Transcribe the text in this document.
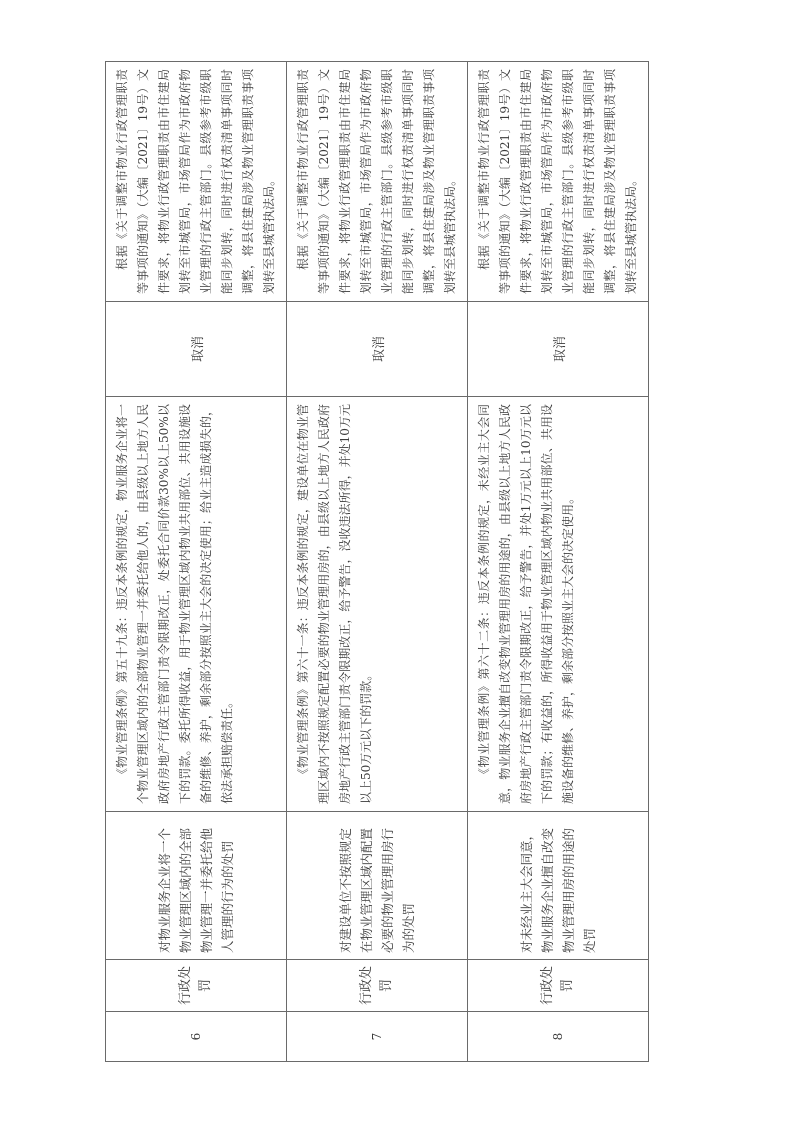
6	行政处罚	对物业服务企业将一个物业管理区域内的全部物业管理一并委托给他人管理的行为的处罚	《物业管理条例》第五十九条：违反本条例的规定，物业服务企业将一个物业管理区域内的全部物业管理一并委托给他人的，由县级以上地方人民政府房地产行政主管部门责令限期改正，处委托合同价款30%以上50%以下的罚款。委托所得收益，用于物业管理区域内物业共用部位、共用设施设备的维修、养护，剩余部分按照业主大会的决定使用；给业主造成损失的，依法承担赔偿责任。	取消	根据《关于调整市物业行政管理职责等事项的通知》（大编〔2021〕19号）文件要求，将物业行政管理职责由市住建局划转至市城管局，市场管局作为市政府物业管理的行政主管部门。县级参考市级职能同步划转，同时进行权责清单事项同时调整，将县住建局涉及物业管理职责事项划转至县城管执法局。
7	行政处罚	对建设单位不按照规定在物业管理区域内配置必要的物业管理用房行为的处罚	《物业管理条例》第六十一条：违反本条例的规定，建设单位在物业管理区域内不按照规定配置必要的物业管理用房的，由县级以上地方人民政府房地产行政主管部门责令限期改正，给予警告，没收违法所得，并处10万元以上50万元以下的罚款。	取消	根据《关于调整市物业行政管理职责等事项的通知》（大编〔2021〕19号）文件要求，将物业行政管理职责由市住建局划转至市城管局，市场管局作为市政府物业管理的行政主管部门。县级参考市级职能同步划转，同时进行权责清单事项同时调整，将县住建局涉及物业管理职责事项划转至县城管执法局。
8	行政处罚	对未经业主大会同意，物业服务企业擅自改变物业管理用房的用途的处罚	《物业管理条例》第六十二条：违反本条例的规定，未经业主大会同意，物业服务企业擅自改变物业管理用房的用途的，由县级以上地方人民政府房地产行政主管部门责令限期改正，给予警告，并处1万元以上10万元以下的罚款；有收益的，所得收益用于物业管理区域内物业共用部位、共用设施设备的维修、养护，剩余部分按照业主大会的决定使用。	取消	根据《关于调整市物业行政管理职责等事项的通知》（大编〔2021〕19号）文件要求，将物业行政管理职责由市住建局划转至市城管局，市场管局作为市政府物业管理的行政主管部门。县级参考市级职能同步划转，同时进行权责清单事项同时调整，将县住建局涉及物业管理职责事项划转至县城管执法局。
